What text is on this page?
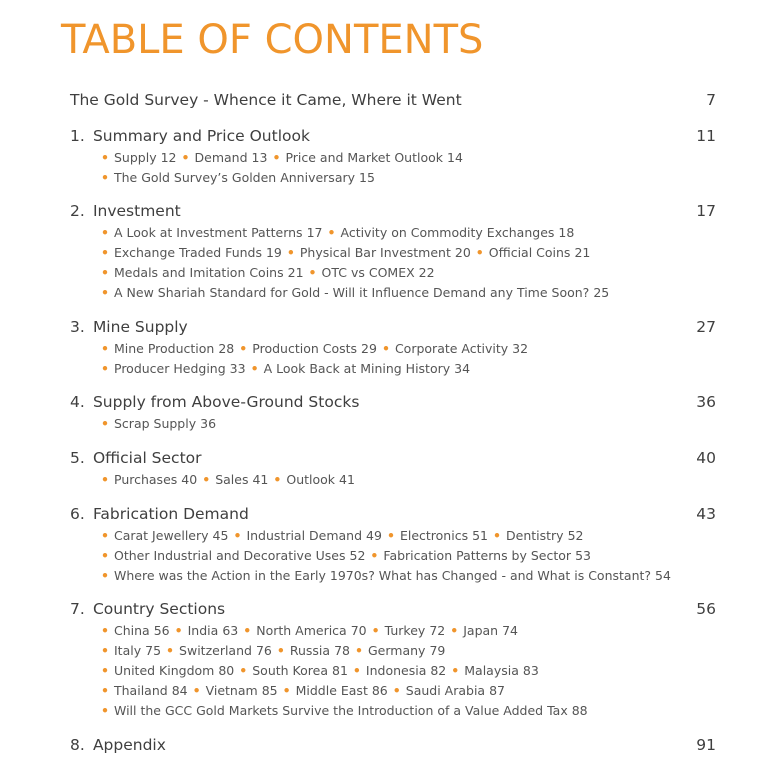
TABLE OF CONTENTS
The Gold Survey - Whence it Came, Where it Went	7
1. Summary and Price Outlook	11
• Supply 12 • Demand 13 • Price and Market Outlook 14
• The Gold Survey’s Golden Anniversary 15
2. Investment	17
• A Look at Investment Patterns 17 • Activity on Commodity Exchanges 18
• Exchange Traded Funds 19 • Physical Bar Investment 20 • Official Coins 21
• Medals and Imitation Coins 21 • OTC vs COMEX 22
• A New Shariah Standard for Gold - Will it Influence Demand any Time Soon? 25
3. Mine Supply	27
• Mine Production 28 • Production Costs 29 • Corporate Activity 32
• Producer Hedging 33 • A Look Back at Mining History 34
4. Supply from Above-Ground Stocks	36
• Scrap Supply 36
5. Official Sector	40
• Purchases 40 • Sales 41 • Outlook 41
6. Fabrication Demand	43
• Carat Jewellery 45 • Industrial Demand 49 • Electronics 51 • Dentistry 52
• Other Industrial and Decorative Uses 52 • Fabrication Patterns by Sector 53
• Where was the Action in the Early 1970s? What has Changed - and What is Constant? 54
7. Country Sections	56
• China 56 • India 63 • North America 70 • Turkey 72 • Japan 74
• Italy 75 • Switzerland 76 • Russia 78 • Germany 79
• United Kingdom 80 • South Korea 81 • Indonesia 82 • Malaysia 83
• Thailand 84 • Vietnam 85 • Middle East 86 • Saudi Arabia 87
• Will the GCC Gold Markets Survive the Introduction of a Value Added Tax 88
8. Appendix	91
